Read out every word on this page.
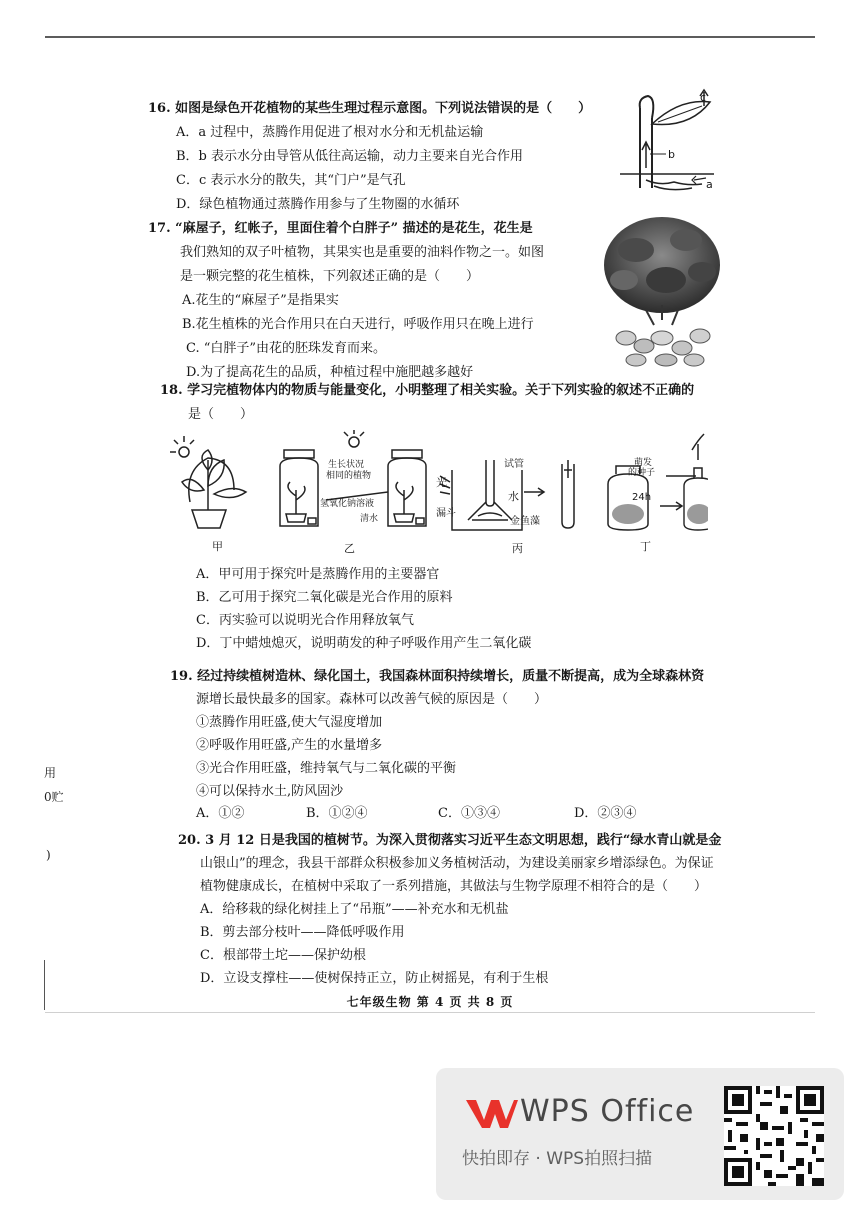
16. 如图是绿色开花植物的某些生理过程示意图。下列说法错误的是（　　）
A．a 过程中，蒸腾作用促进了根对水分和无机盐运输
B．b 表示水分由导管从低往高运输，动力主要来自光合作用
C．c 表示水分的散失，其“门户”是气孔
D．绿色植物通过蒸腾作用参与了生物圈的水循环
c
b
a
17. “麻屋子，红帐子，里面住着个白胖子” 描述的是花生，花生是
我们熟知的双子叶植物，其果实也是重要的油料作物之一。如图
是一颗完整的花生植株，下列叙述正确的是（　　）
A.花生的“麻屋子”是指果实
B.花生植株的光合作用只在白天进行，呼吸作用只在晚上进行
C. “白胖子”由花的胚珠发育而来。
D.为了提高花生的品质，种植过程中施肥越多越好
18. 学习完植物体内的物质与能量变化，小明整理了相关实验。关于下列实验的叙述不正确的
是（　　）
生长状况
相同的植物
氢氧化钠溶液
清水
光
试管
水
漏斗
金鱼藻
萌发
的种子
24h
甲	乙	丙	丁
A．甲可用于探究叶是蒸腾作用的主要器官
B．乙可用于探究二氧化碳是光合作用的原料
C．丙实验可以说明光合作用释放氧气
D．丁中蜡烛熄灭，说明萌发的种子呼吸作用产生二氧化碳
19. 经过持续植树造林、绿化国土，我国森林面积持续增长，质量不断提高，成为全球森林资
源增长最快最多的国家。森林可以改善气候的原因是（　　）
①蒸腾作用旺盛,使大气湿度增加
②呼吸作用旺盛,产生的水量增多
③光合作用旺盛，维持氧气与二氧化碳的平衡
④可以保持水土,防风固沙
A．①②	B．①②④	C．①③④	D．②③④
用
0贮
)
20. 3 月 12 日是我国的植树节。为深入贯彻落实习近平生态文明思想，践行“绿水青山就是金
山银山”的理念，我县干部群众积极参加义务植树活动，为建设美丽家乡增添绿色。为保证
植物健康成长，在植树中采取了一系列措施，其做法与生物学原理不相符合的是（　　）
A．给移栽的绿化树挂上了“吊瓶”——补充水和无机盐
B．剪去部分枝叶——降低呼吸作用
WPS Office
快拍即存 · WPS拍照扫描
C．根部带土坨——保护幼根
D．立设支撑柱——使树保持正立，防止树摇晃，有利于生根
七年级生物 第 4 页 共 8 页
